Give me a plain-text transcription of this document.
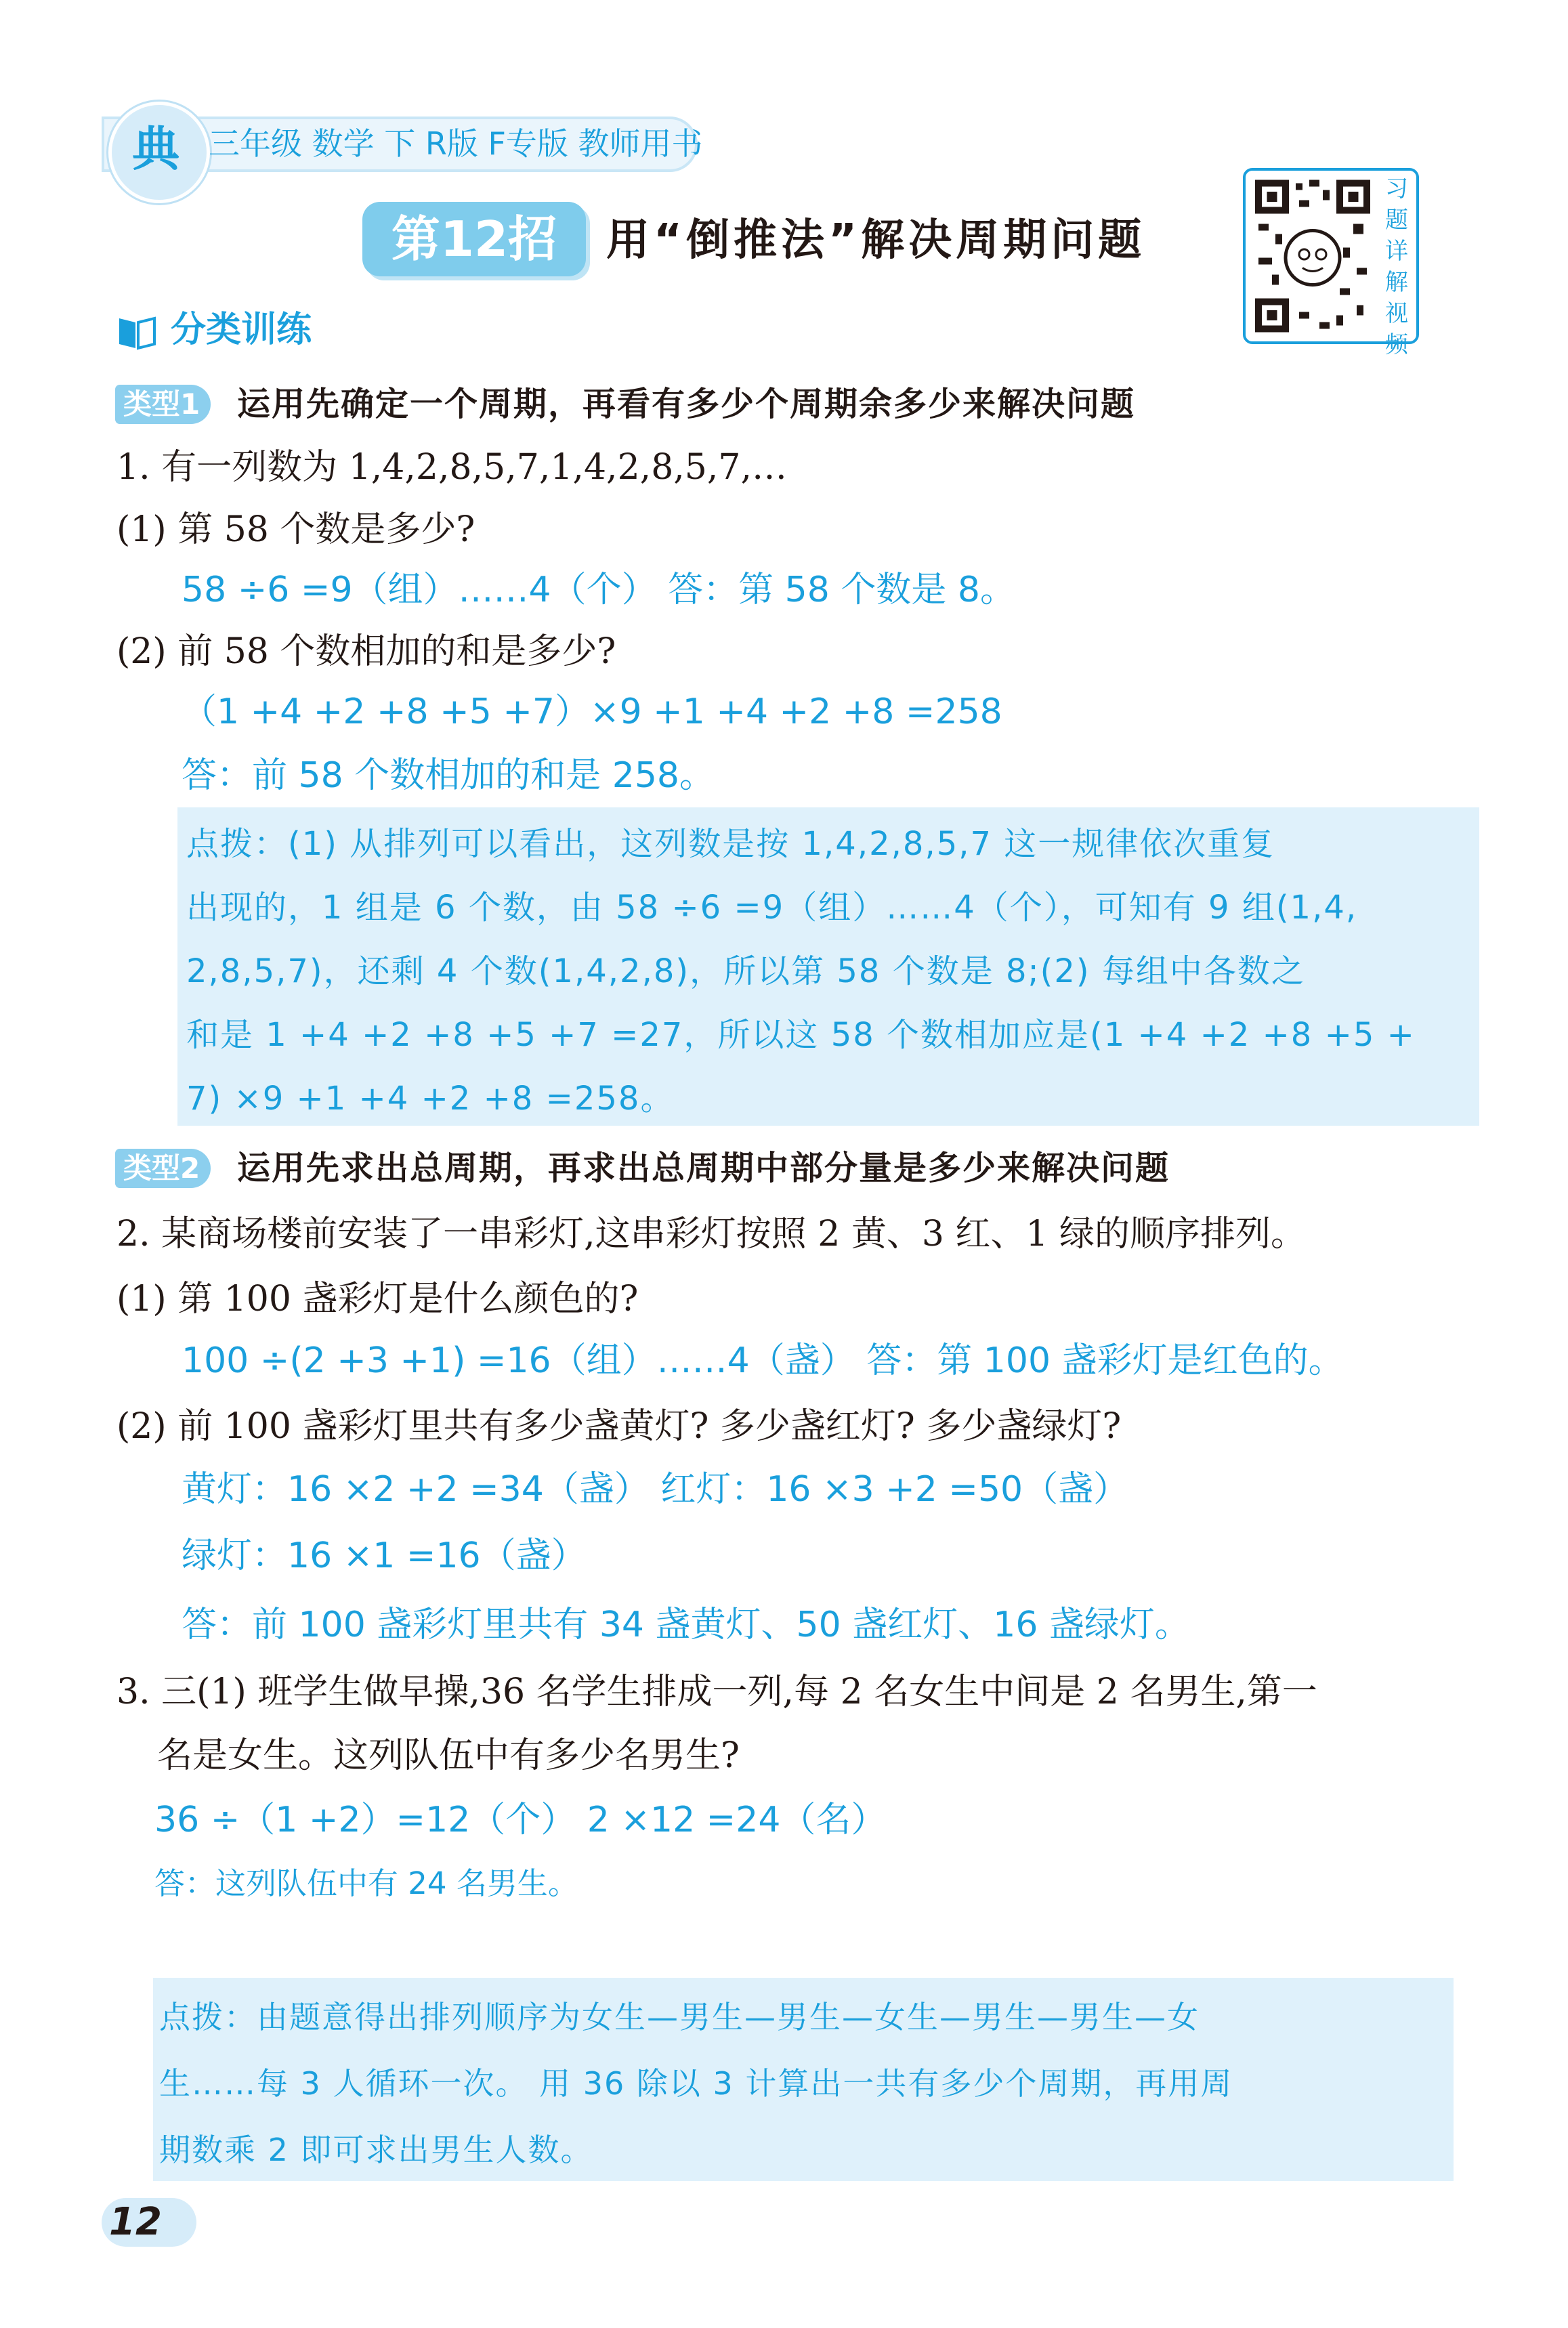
典 三年级 数学 下 R版 F专版 教师用书
第12招	用“倒推法”解决周期问题
习题详解视频
分类训练
类型1	运用先确定一个周期，再看有多少个周期余多少来解决问题
1. 有一列数为 1,4,2,8,5,7,1,4,2,8,5,7,…
(1) 第 58 个数是多少?
58 ÷6 =9（组）……4（个） 答：第 58 个数是 8。
(2) 前 58 个数相加的和是多少?
（1 +4 +2 +8 +5 +7）×9 +1 +4 +2 +8 =258
答：前 58 个数相加的和是 258。
点拨：(1) 从排列可以看出，这列数是按 1,4,2,8,5,7 这一规律依次重复
出现的，1 组是 6 个数，由 58 ÷6 =9（组）……4（个），可知有 9 组(1,4,
2,8,5,7)，还剩 4 个数(1,4,2,8)，所以第 58 个数是 8;(2) 每组中各数之
和是 1 +4 +2 +8 +5 +7 =27，所以这 58 个数相加应是(1 +4 +2 +8 +5 +
7) ×9 +1 +4 +2 +8 =258。
类型2	运用先求出总周期，再求出总周期中部分量是多少来解决问题
2. 某商场楼前安装了一串彩灯,这串彩灯按照 2 黄、3 红、1 绿的顺序排列。
(1) 第 100 盏彩灯是什么颜色的?
100 ÷(2 +3 +1) =16（组）……4（盏） 答：第 100 盏彩灯是红色的。
(2) 前 100 盏彩灯里共有多少盏黄灯? 多少盏红灯? 多少盏绿灯?
黄灯：16 ×2 +2 =34（盏） 红灯：16 ×3 +2 =50（盏）
绿灯：16 ×1 =16（盏）
答：前 100 盏彩灯里共有 34 盏黄灯、50 盏红灯、16 盏绿灯。
3. 三(1) 班学生做早操,36 名学生排成一列,每 2 名女生中间是 2 名男生,第一
名是女生。这列队伍中有多少名男生?
36 ÷（1 +2）=12（个） 2 ×12 =24（名）
答：这列队伍中有 24 名男生。
点拨：由题意得出排列顺序为女生—男生—男生—女生—男生—男生—女
生……每 3 人循环一次。 用 36 除以 3 计算出一共有多少个周期，再用周
期数乘 2 即可求出男生人数。
12
